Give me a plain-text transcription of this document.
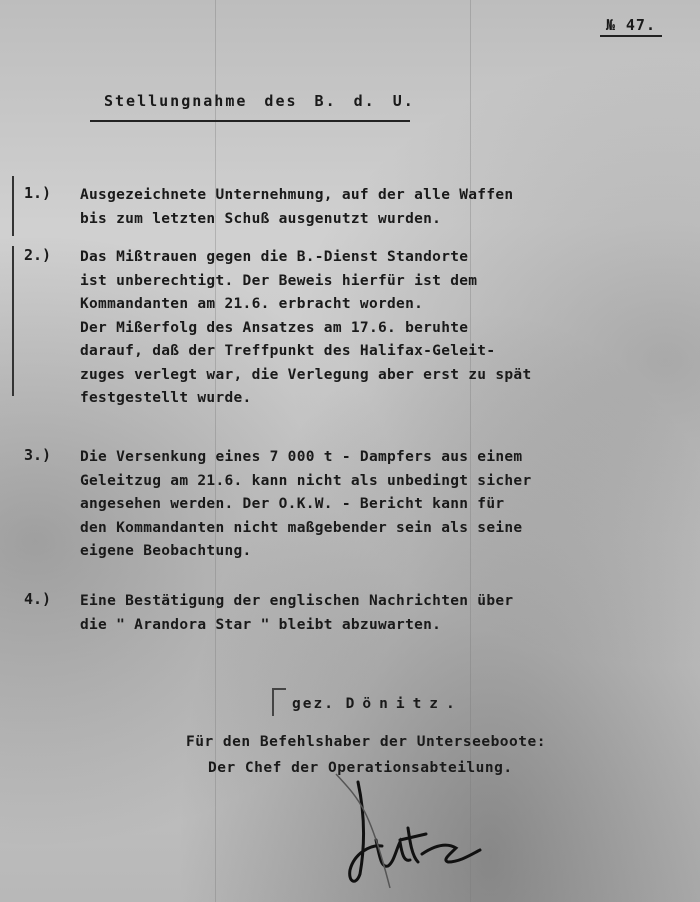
№ 47.
Stellungnahme des B. d. U.
1.) Ausgezeichnete Unternehmung, auf der alle Waffen
bis zum letzten Schuß ausgenutzt wurden.
2.) Das Mißtrauen gegen die B.-Dienst Standorte
ist unberechtigt. Der Beweis hierfür ist dem
Kommandanten am 21.6. erbracht worden.
Der Mißerfolg des Ansatzes am 17.6. beruhte
darauf, daß der Treffpunkt des Halifax-Geleit-
zuges verlegt war, die Verlegung aber erst zu spät
festgestellt wurde.
3.) Die Versenkung eines 7 000 t - Dampfers aus einem
Geleitzug am 21.6. kann nicht als unbedingt sicher
angesehen werden. Der O.K.W. - Bericht kann für
den Kommandanten nicht maßgebender sein als seine
eigene Beobachtung.
4.) Eine Bestätigung der englischen Nachrichten über
die " Arandora Star " bleibt abzuwarten.
gez. Dönitz.
Für den Befehlshaber der Unterseeboote:
Der Chef der Operationsabteilung.
